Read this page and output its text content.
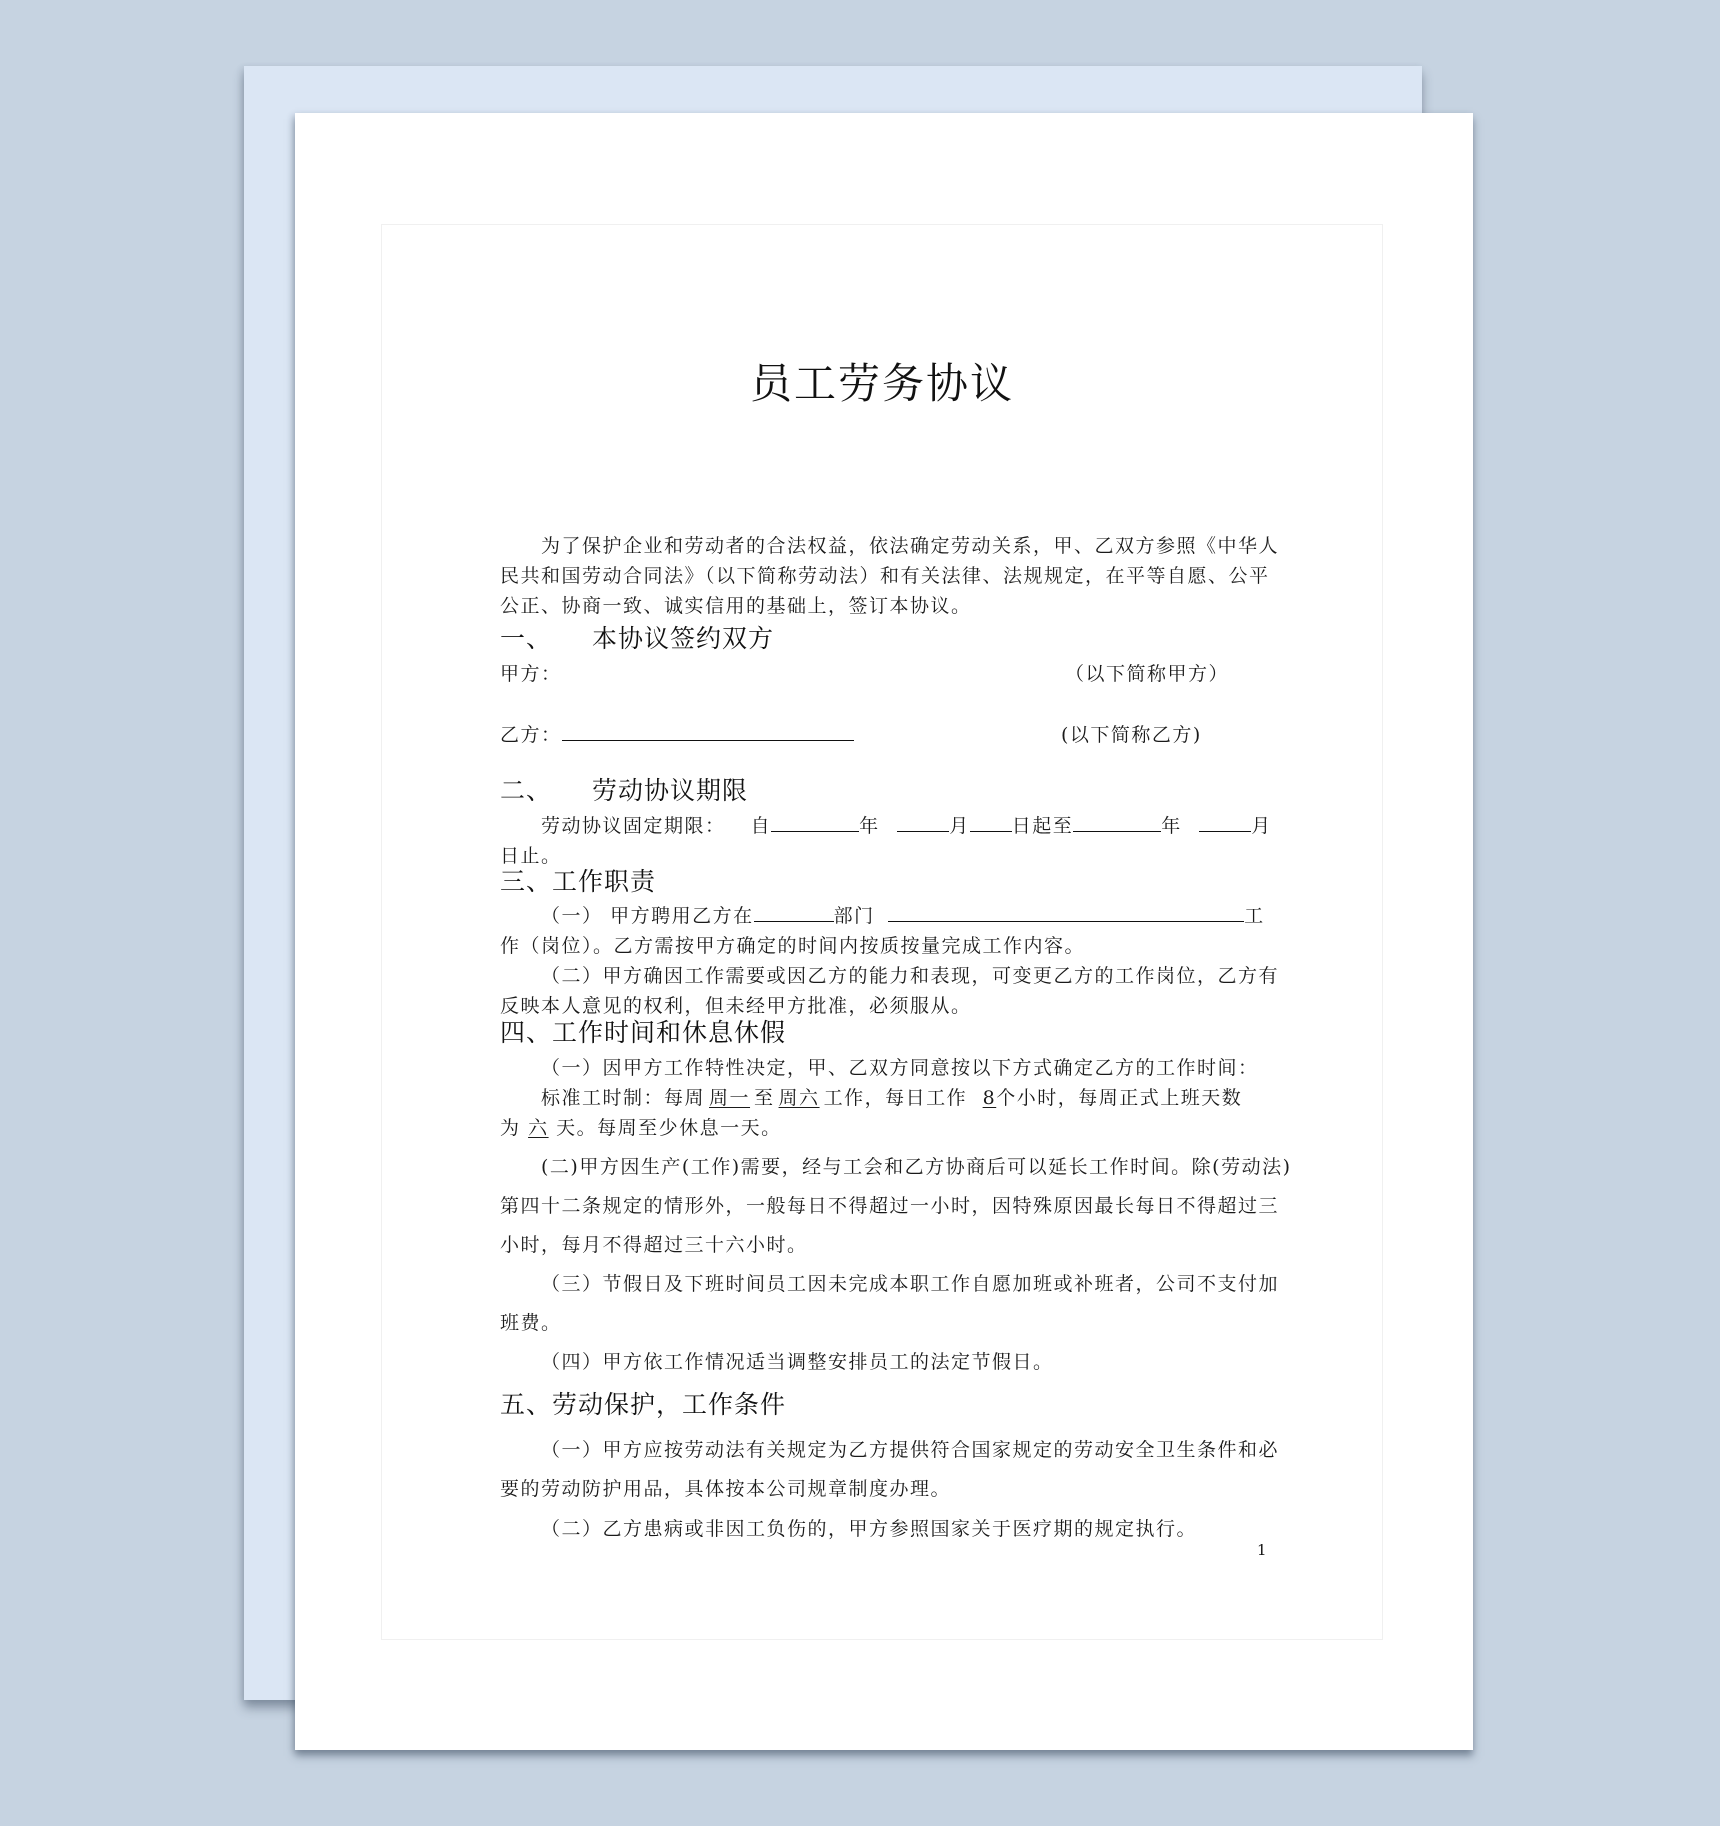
员工劳务协议
为了保护企业和劳动者的合法权益，依法确定劳动关系，甲、乙双方参照《中华人
民共和国劳动合同法》（以下简称劳动法）和有关法律、法规规定，在平等自愿、公平
公正、协商一致、诚实信用的基础上，签订本协议。
一、 本协议签约双方
甲方：	（以下简称甲方）
乙方：	(以下简称乙方)
二、 劳动协议期限
劳动协议固定期限： 自	年	月 日起至	年	月
日止。
三、工作职责
（一） 甲方聘用乙方在	部门	工
作（岗位）。乙方需按甲方确定的时间内按质按量完成工作内容。
（二）甲方确因工作需要或因乙方的能力和表现，可变更乙方的工作岗位，乙方有
反映本人意见的权利，但未经甲方批准，必须服从。
四、工作时间和休息休假
（一）因甲方工作特性决定，甲、乙双方同意按以下方式确定乙方的工作时间：
标准工时制：每周 周一 至 周六 工作，每日工作 8个小时，每周正式上班天数
为 六 天。每周至少休息一天。
(二)甲方因生产(工作)需要，经与工会和乙方协商后可以延长工作时间。除(劳动法)
第四十二条规定的情形外，一般每日不得超过一小时，因特殊原因最长每日不得超过三
小时，每月不得超过三十六小时。
（三）节假日及下班时间员工因未完成本职工作自愿加班或补班者，公司不支付加
班费。
（四）甲方依工作情况适当调整安排员工的法定节假日。
五、劳动保护，工作条件
（一）甲方应按劳动法有关规定为乙方提供符合国家规定的劳动安全卫生条件和必
要的劳动防护用品，具体按本公司规章制度办理。
（二）乙方患病或非因工负伤的，甲方参照国家关于医疗期的规定执行。
1
